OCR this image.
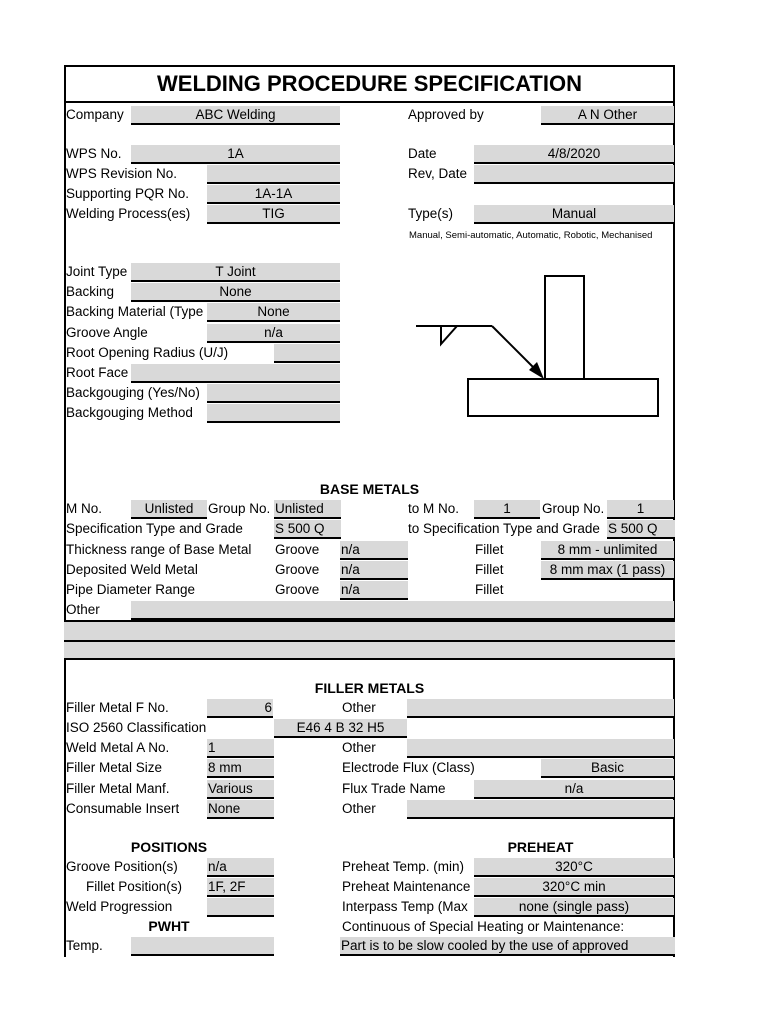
WELDING PROCEDURE SPECIFICATION
Company	ABC Welding	Approved by	A N Other
WPS No.	1A	Date	4/8/2020
WPS Revision No.	Rev, Date
Supporting PQR No.	1A-1A
Welding Process(es)	TIG	Type(s)	Manual
Manual, Semi-automatic, Automatic, Robotic, Mechanised
Joint Type	T Joint
Backing	None
Backing Material (Type	None
Groove Angle	n/a
Root Opening Radius (U/J)
Root Face
Backgouging (Yes/No)
Backgouging Method
BASE METALS
M No.	Unlisted	Group No. Unlisted	to M No.	1	Group No.	1
Specification Type and Grade S 500 Q	to Specification Type and Grade S 500 Q
Thickness range of Base Metal Groove n/a	Fillet	8 mm - unlimited
Deposited Weld Metal	Groove n/a	Fillet	8 mm max (1 pass)
Pipe Diameter Range	Groove n/a	Fillet
Other
FILLER METALS
Filler Metal F No.	6	Other
ISO 2560 Classification	E46 4 B 32 H5
Weld Metal A No.	1	Other
Filler Metal Size	8 mm	Electrode Flux (Class)	Basic
Filler Metal Manf.	Various	Flux Trade Name	n/a
Consumable Insert None	Other
POSITIONS	PREHEAT
Groove Position(s) n/a	Preheat Temp. (min)	320°C
Fillet Position(s) 1F, 2F	Preheat Maintenance	320°C min
Weld Progression	Interpass Temp (Max	none (single pass)
PWHT	Continuous of Special Heating or Maintenance:
Temp.	Part is to be slow cooled by the use of approved
